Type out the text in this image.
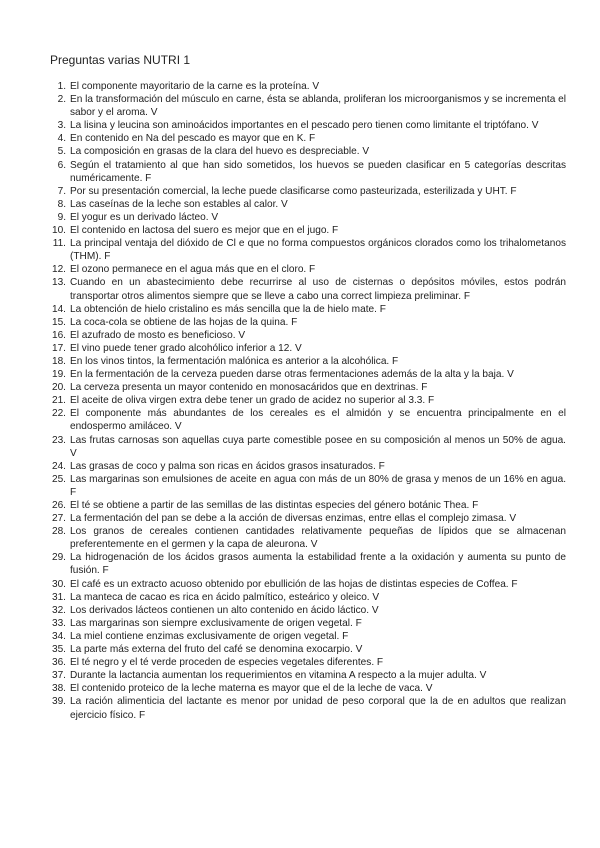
Preguntas varias NUTRI 1
1. El componente mayoritario de la carne es la proteína. V
2. En la transformación del músculo en carne, ésta se ablanda, proliferan los microorganismos y se incrementa el sabor y el aroma. V
3. La lisina y leucina son aminoácidos importantes en el pescado pero tienen como limitante el triptófano. V
4. En contenido en Na del pescado es mayor que en K. F
5. La composición en grasas de la clara del huevo es despreciable. V
6. Según el tratamiento al que han sido sometidos, los huevos se pueden clasificar en 5 categorías descritas numéricamente. F
7. Por su presentación comercial, la leche puede clasificarse como pasteurizada, esterilizada y UHT. F
8. Las caseínas de la leche son estables al calor. V
9. El yogur es un derivado lácteo. V
10. El contenido en lactosa del suero es mejor que en el jugo. F
11. La principal ventaja del dióxido de Cl e que no forma compuestos orgánicos clorados como los trihalometanos (THM). F
12. El ozono permanece en el agua más que en el cloro. F
13. Cuando en un abastecimiento debe recurrirse al uso de cisternas o depósitos móviles, estos podrán transportar otros alimentos siempre que se lleve a cabo una correct limpieza preliminar. F
14. La obtención de hielo cristalino es más sencilla que la de hielo mate. F
15. La coca-cola se obtiene de las hojas de la quina. F
16. El azufrado de mosto es beneficioso. V
17. El vino puede tener grado alcohólico inferior a 12. V
18. En los vinos tintos, la fermentación malónica es anterior a la alcohólica. F
19. En la fermentación de la cerveza pueden darse otras fermentaciones además de la alta y la baja. V
20. La cerveza presenta un mayor contenido en monosacáridos que en dextrinas. F
21. El aceite de oliva virgen extra debe tener un grado de acidez no superior al 3.3. F
22. El componente más abundantes de los cereales es el almidón y se encuentra principalmente en el endospermo amiláceo. V
23. Las frutas carnosas son aquellas cuya parte comestible posee en su composición al menos un 50% de agua. V
24. Las grasas de coco y palma son ricas en ácidos grasos insaturados. F
25. Las margarinas son emulsiones de aceite en agua con más de un 80% de grasa y menos de un 16% en agua. F
26. El té se obtiene a partir de las semillas de las distintas especies del género botánic Thea. F
27. La fermentación del pan se debe a la acción de diversas enzimas, entre ellas el complejo zimasa. V
28. Los granos de cereales contienen cantidades relativamente pequeñas de lípidos que se almacenan preferentemente en el germen y la capa de aleurona. V
29. La hidrogenación de los ácidos grasos aumenta la estabilidad frente a la oxidación y aumenta su punto de fusión. F
30. El café es un extracto acuoso obtenido por ebullición de las hojas de distintas especies de Coffea. F
31. La manteca de cacao es rica en ácido palmítico, esteárico y oleico. V
32. Los derivados lácteos contienen un alto contenido en ácido láctico. V
33. Las margarinas son siempre exclusivamente de origen vegetal. F
34. La miel contiene enzimas exclusivamente de origen vegetal. F
35. La parte más externa del fruto del café se denomina exocarpio. V
36. El té negro y el té verde proceden de especies vegetales diferentes. F
37. Durante la lactancia aumentan los requerimientos en vitamina A respecto a la mujer adulta. V
38. El contenido proteico de la leche materna es mayor que el de la leche de vaca. V
39. La ración alimenticia del lactante es menor por unidad de peso corporal que la de en adultos que realizan ejercicio físico. F
